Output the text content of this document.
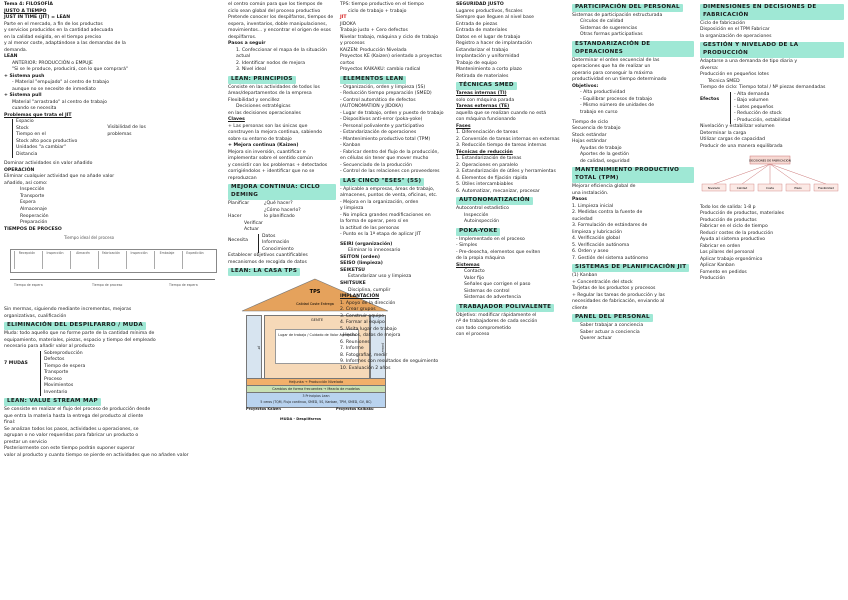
Tema 4: FILOSOFÍA
JUSTO A TIEMPO
JUST IN TIME (JIT) = LEAN
Parte en el mercado, a fin de los productos
y servicios producidos en la cantidad adecuada
en la calidad exigida, en el tiempo preciso
y al menor coste, adaptándose a las demandas de la
demanda.
LEAN
ANTERIOR: PRODUCCIÓN o EMPUJE
"Si se le produce, producirá, con lo que comprará"
+ Sistema push
- Material "empujado" al centro de trabajo
aunque no se necesite de inmediato
+ Sistema pull
Material "arrastrado" al centro de trabajo
cuando se necesita
Problemas que trata el JIT
Espacio
Stock
Tiempo en el
Stock alto poco productivo
Unidades "a cambiar"
Distancia
Visibilidad de los problemas
Dominar actividades sin valor añadido
OPERACIÓN
Eliminar cualquier actividad que no añade valor
añadido, así como:
Inspección
Transporte
Espera
Almacenaje
Reoperación
Preparación
TIEMPOS DE PROCESO
Tiempo ideal del proceso
Recepción	Inspección	Almacén	Fabricación	Inspección	Embalaje	Expedición
Tiempo de espera	Tiempo de proceso	Tiempo de espera
Sin mermas, siguiendo mediante incrementos, mejoras
organizativas, cualificación
ELIMINACIÓN DEL DESPILFARRO / MUDA
Muda: todo aquello que no forme parte de la cantidad mínima de
equipamiento, materiales, piezas, espacio y tiempo del empleado
necesario para añadir valor al producto
7 MUDAS
Sobreproducción
Defectos
Tiempo de espera
Transporte
Proceso
Movimientos
Inventario
LEAN: VALUE STREAM MAP
Se consiste en realizar el flujo del proceso de producción desde
que entra la materia hasta la entrega del producto al cliente
final:
Se analizan todos los pasos, actividades u operaciones, se
agrupan o no valor requeridas para fabricar un producto o
prestar un servicio
Posteriormente con este tiempo podrán suponer superar
valor al producto y cuanto tiempo se pierde en actividades que no añaden valor
el centro común para que los tiempos de
ciclo sean global del proceso productivo
Pretende conocer los despilfarros, tiempos de
espera, inventarios, doble manipulaciones,
movimientos... y encontrar el origen de esos
despilfarros.
Pasos a seguir
1. Confeccionar el mapa de la situación actual
2. Identificar nodos de mejora
3. Nivel ideal
LEAN: PRINCIPIOS
Consiste en las actividades de todos los
áreas/departamentos de la empresa
Flexibilidad y sencillez
Decisiones estratégicas
en las decisiones operacionales
Claves
+ Las personas son las únicas que
construyen la mejora continua, sabiendo
sobre su entorno de trabajo
+ Mejora continua (Kaizen)
Mejora sin inversión, cuantificar e
implementar sobre el sentido común
y consistir con los problemas + detectados
corrigiéndolos + identificar que no se reproduzcan
MEJORA CONTINUA: CICLO DEMING
Planificar	¿Qué hacer?
¿Cómo hacerlo?
Hacer	lo planificado
Verificar
Actuar
Necesita
Datos
Información
Conocimiento
Establecer objetivos cuantificables
mecanismos de recogida de datos
LEAN: LA CASA TPS
TPS
Calidad Coste Entrega
JIT
GENTE
Lugar de trabajo / Cuidado de Valor Agregado
Jidoka
Heijunka → Producción Nivelada
Cambios de forma frecuentes → Mezcla de modelos
3 Principios Lean
5 ceros (TQM, Flujo continuo, SMED, 5S, Kanban, TPM, SMED, GV, BC)
Proyectos Kaizen	Proyectos Kaikaku
MUDA - Despilfarros
TPS: tiempo productivo en el tiempo
ciclo de trabajo + trabajo
JIT
JIDOKA
Trabajo justo + Cero defectos
Nivelar trabajo, máquina y ciclo de trabajo
y procesos
KAIZEN: Producción Nivelada
Proyectos KE (Kaizen) orientado a proyectos cortos
Proyectos KAIKAKU: cambio radical
ELEMENTOS LEAN
- Organización, orden y limpieza (5S)
- Reducción tiempo preparación (SMED)
- Control automático de defectos (AUTONOMATION y JIDOKA)
- Lugar de trabajo, orden y puesto de trabajo
- Dispositivos anti-error (poka-yoke)
- Personal polivalente y participativo
- Estandarización de operaciones
- Mantenimiento productivo total (TPM)
- Kanban
- Fabricar dentro del flujo de la producción,
en células sin tener que mover mucho
- Secuenciado de la producción
- Control de las relaciones con proveedores
LAS CINCO "ESES" (5S)
- Aplicable a empresas, áreas de trabajo,
almacenes, puntos de venta, oficinas, etc.
- Mejora en la organización, orden
y limpieza
- No implica grandes modificaciones en
la forma de operar, pero sí en
la actitud de las personas
- Punto es la 1ª etapa de aplicar JIT
SEIRI (organización)
Eliminar lo innecesario
SEITON (orden)
SEISO (limpieza)
SEIKETSU
Estandarizar uso y limpieza
SHITSUKE
Disciplina, cumplir
IMPLANTACIÓN
1. Apoyo de la dirección
2. Crear grupos
3. Construir equipo
4. Formar al equipo
5. Visita lugar de trabajo
- Hechos, datos de mejora
6. Reuniones
7. Informe
8. Fotografiar, medir
9. Informes con resultados de seguimiento
10. Evaluación 2 años
SEGURIDAD JUSTO
Lugares productivos, fiscales
Siempre que lleguen al nivel base
Entrada de piezas
Entrada de materiales
Datos en el lugar de trabajo
Registro a hacer de implantación
Estandarizar el trabajo
Implantación y uniformidad
Trabajo de equipo
Mantenimiento a corto plazo
Retirada de materiales
TÉCNICAS SMED
Tareas internas (TI)
solo con máquina parada
Tareas externas (TE)
aquella que se realizan cuando no está
con máquina funcionando
Fases
1. Diferenciación de tareas
2. Conversión de tareas internas en externas
3. Reducción tiempo de tareas internas
Técnicas de reducción
1. Estandarización de tareas
2. Operaciones en paralelo
3. Estandarización de útiles y herramientas
4. Elementos de fijación rápida
5. Útiles intercambiables
6. Automatizar, mecanizar, procesar
AUTONOMATIZACIÓN
Autocontrol estadístico
Inspección
Autoinspección
POKA-YOKE
- Implementado en el proceso
- Simples
- Pre-desecha, elementos que eviten
de la propia máquina
Sistemas
Contacto
Valor fijo
Señales que corrigen el paso
Sistemas de control
Sistemas de advertencia
TRABAJADOR POLIVALENTE
Objetivo: modificar rápidamente el
nº de trabajadores de cada sección
con todo comprometido
con el proceso
PARTICIPACIÓN DEL PERSONAL
Sistemas de participación estructurada
Círculos de calidad
Sistemas de sugerencias
Otras formas participativas
ESTANDARIZACIÓN DE OPERACIONES
Determinar el orden secuencial de las
operaciones que ha de realizar un
operario para conseguir la máxima
productividad en un tiempo determinado
Objetivos:
- Alta productividad
- Equilibrar procesos de trabajo
- Mismo número de unidades de
trabajo en curso
Tiempo de ciclo
Secuencia de trabajo
Stock estándar
Hojas estándar
Ayudas de trabajo
Aportes de la gestión
de calidad, seguridad
MANTENIMIENTO PRODUCTIVO TOTAL (TPM)
Mejorar eficiencia global de
una instalación.
Pasos
1. Limpieza inicial
2. Medidas contra la fuente de
suciedad
3. Formulación de estándares de
limpieza y lubricación
4. Verificación global
5. Verificación autónoma
6. Orden y aseo
7. Gestión del sistema autónomo
SISTEMAS DE PLANIFICACIÓN JIT
(1) Kanban
+ Concentración del stock
Tarjetas de los productos y procesos
+ Regular las tareas de producción y las
necesidades de fabricación, enviando al
cliente
PANEL DEL PERSONAL
Saber trabajar a conciencia
Saber actuar a conciencia
Querer actuar
DIMENSIONES EN DECISIONES DE FABRICACIÓN
Ciclo de fabricación
Disposición en el TPM Fabricar
la organización de operaciones
GESTIÓN Y NIVELADO DE LA PRODUCCIÓN
Adaptarse a una demanda de tipo diaria y
diversa:
Producción en pequeños lotes
Técnica SMED
Tiempo de ciclo: Tiempo total / Nº piezas demandadas
Efectos
- Alta demanda
- Bajo volumen
- Lotes pequeños
- Reducción de stock
- Producción, estabilidad
Nivelación y estabilizar volumen
Determinar la carga
Utilizar cargas de capacidad
Producir de una manera equilibrada
DECISIONES DE FABRICACIÓN
Nivelado	Calidad	Coste	Plazo	Flexibilidad
Todo los de salida: 1-8 p
Producción de productos, materiales
Producción de productos
Fabricar en el ciclo de tiempo
Reducir costes de la producción
Ayuda al sistema productivo
Fabricar en orden
Los pilares del personal
Aplicar trabajo ergonómico
Aplicar Kanban
Fomento en pedidos
Producción
